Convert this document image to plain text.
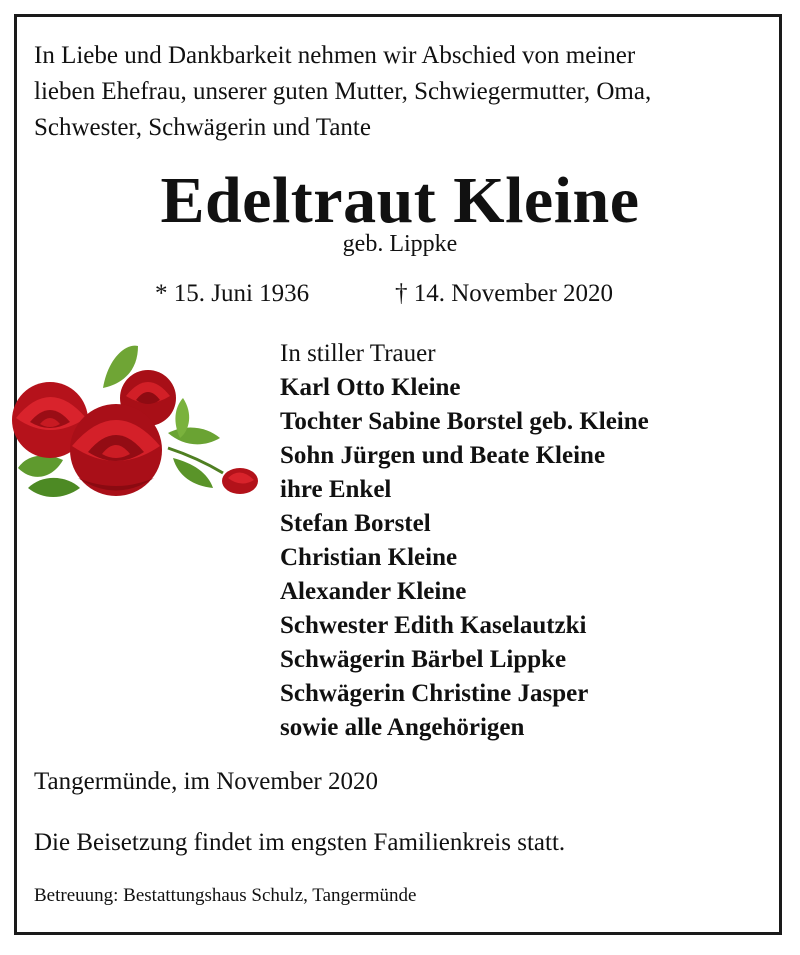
In Liebe und Dankbarkeit nehmen wir Abschied von meiner
lieben Ehefrau, unserer guten Mutter, Schwiegermutter, Oma,
Schwester, Schwägerin und Tante
Edeltraut Kleine
geb. Lippke
* 15. Juni 1936	† 14. November 2020
In stiller Trauer
Karl Otto Kleine
Tochter Sabine Borstel geb. Kleine
Sohn Jürgen und Beate Kleine
ihre Enkel
Stefan Borstel
Christian Kleine
Alexander Kleine
Schwester Edith Kaselautzki
Schwägerin Bärbel Lippke
Schwägerin Christine Jasper
sowie alle Angehörigen
Tangermünde, im November 2020
Die Beisetzung findet im engsten Familienkreis statt.
Betreuung: Bestattungshaus Schulz, Tangermünde
